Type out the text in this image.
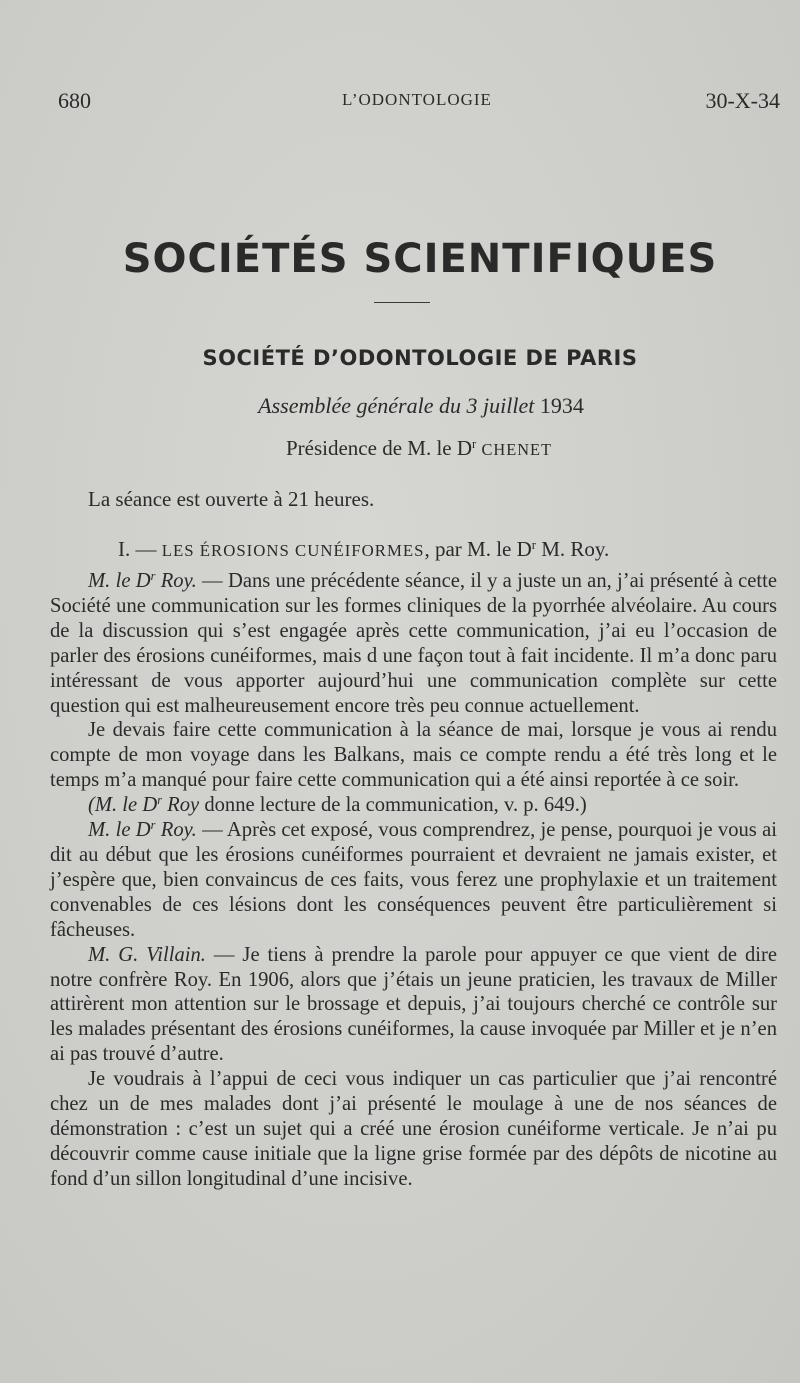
680	L’ODONTOLOGIE	30-X-34
SOCIÉTÉS SCIENTIFIQUES
SOCIÉTÉ D’ODONTOLOGIE DE PARIS
Assemblée générale du 3 juillet 1934
Présidence de M. le $D^r$ CHENET
La séance est ouverte à 21 heures.
I. — LES ÉROSIONS CUNÉIFORMES, par M. le $D^r$ M. Roy.

M. le $D^r$ Roy. — Dans une précédente séance, il y a juste un an, j’ai présenté à cette Société une communication sur les formes cliniques de la pyorrhée alvéolaire. Au cours de la discussion qui s’est engagée après cette communication, j’ai eu l’occasion de parler des érosions cunéiformes, mais d une façon tout à fait incidente. Il m’a donc paru intéressant de vous apporter aujourd’hui une communication complète sur cette question qui est malheureusement encore très peu connue actuellement.

Je devais faire cette communication à la séance de mai, lorsque je vous ai rendu compte de mon voyage dans les Balkans, mais ce compte rendu a été très long et le temps m’a manqué pour faire cette communication qui a été ainsi reportée à ce soir.

(M. le $D^r$ Roy donne lecture de la communication, v. p. 649.)

M. le $D^r$ Roy. — Après cet exposé, vous comprendrez, je pense, pourquoi je vous ai dit au début que les érosions cunéiformes pourraient et devraient ne jamais exister, et j’espère que, bien convaincus de ces faits, vous ferez une prophylaxie et un traitement convenables de ces lésions dont les conséquences peuvent être particulièrement si fâcheuses.

M. G. Villain. — Je tiens à prendre la parole pour appuyer ce que vient de dire notre confrère Roy. En 1906, alors que j’étais un jeune praticien, les travaux de Miller attirèrent mon attention sur le brossage et depuis, j’ai toujours cherché ce contrôle sur les malades présentant des érosions cunéiformes, la cause invoquée par Miller et je n’en ai pas trouvé d’autre.

Je voudrais à l’appui de ceci vous indiquer un cas particulier que j’ai rencontré chez un de mes malades dont j’ai présenté le moulage à une de nos séances de démonstration : c’est un sujet qui a créé une érosion cunéiforme verticale. Je n’ai pu découvrir comme cause initiale que la ligne grise formée par des dépôts de nicotine au fond d’un sillon longitudinal d’une incisive.
